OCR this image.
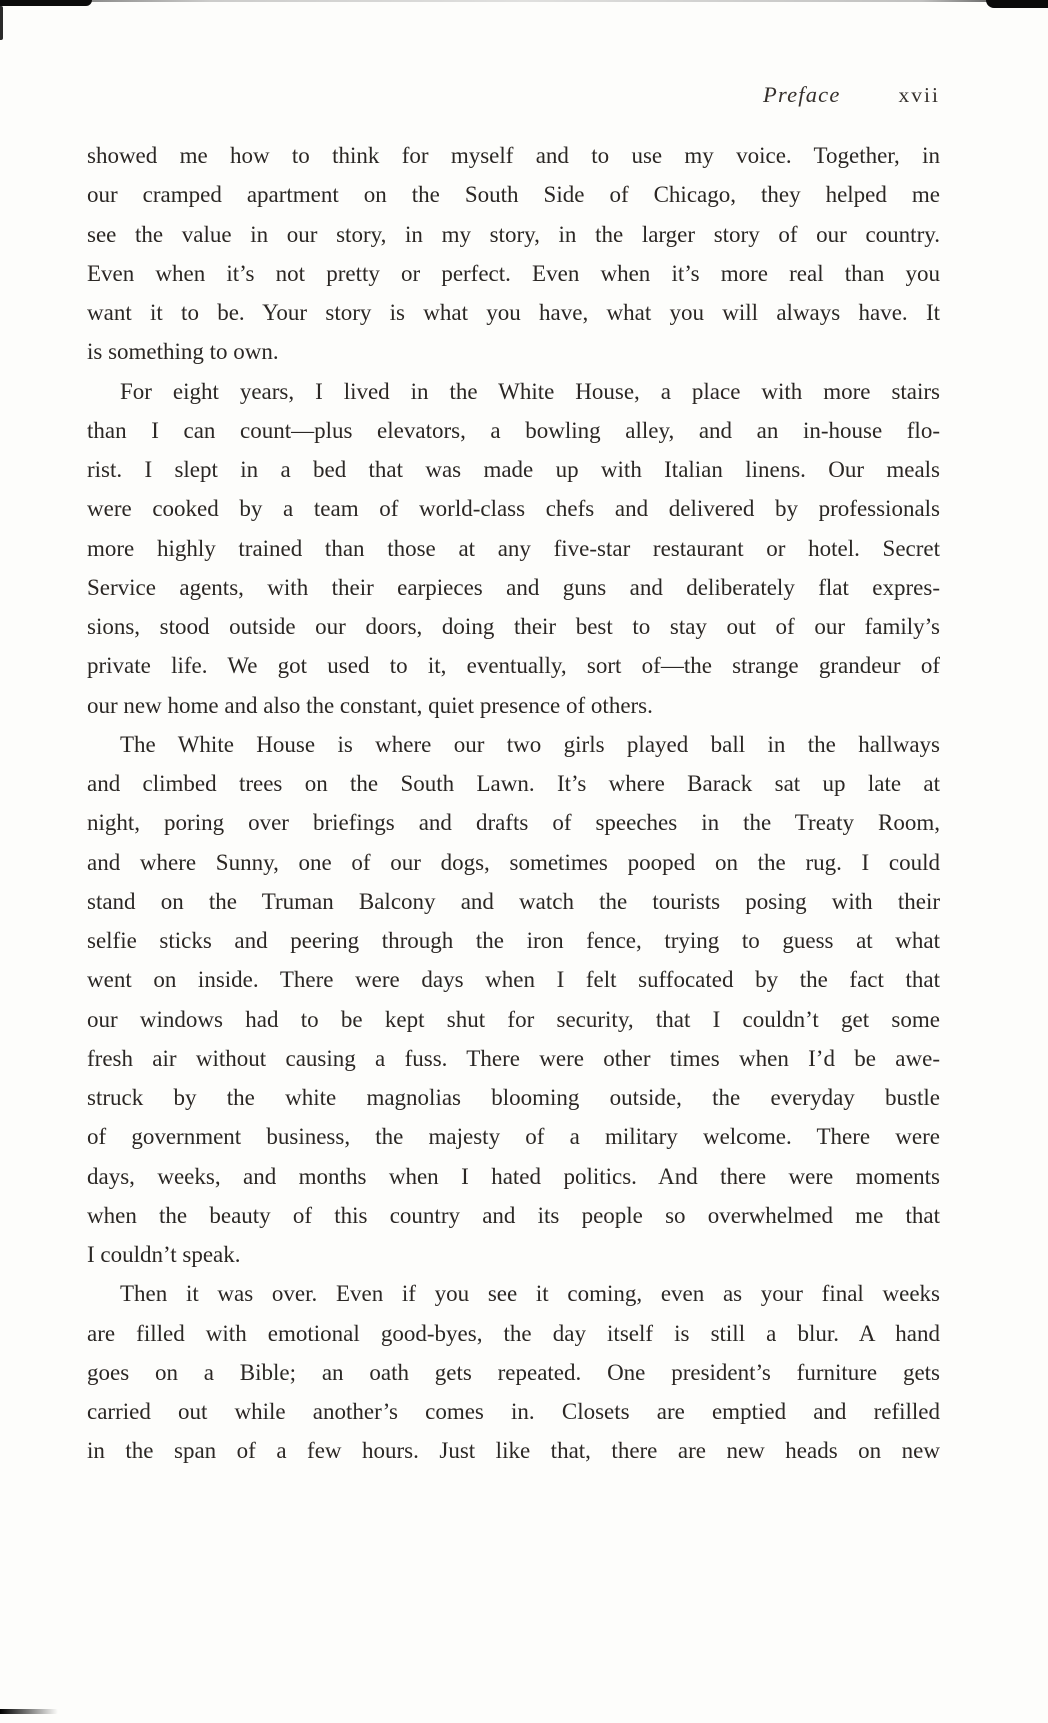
Preface	xvii
showed me how to think for myself and to use my voice. Together, in
our cramped apartment on the South Side of Chicago, they helped me
see the value in our story, in my story, in the larger story of our country.
Even when it’s not pretty or perfect. Even when it’s more real than you
want it to be. Your story is what you have, what you will always have. It
is something to own.
For eight years, I lived in the White House, a place with more stairs
than I can count—plus elevators, a bowling alley, and an in-house flo-
rist. I slept in a bed that was made up with Italian linens. Our meals
were cooked by a team of world-class chefs and delivered by professionals
more highly trained than those at any five-star restaurant or hotel. Secret
Service agents, with their earpieces and guns and deliberately flat expres-
sions, stood outside our doors, doing their best to stay out of our family’s
private life. We got used to it, eventually, sort of—the strange grandeur of
our new home and also the constant, quiet presence of others.
The White House is where our two girls played ball in the hallways
and climbed trees on the South Lawn. It’s where Barack sat up late at
night, poring over briefings and drafts of speeches in the Treaty Room,
and where Sunny, one of our dogs, sometimes pooped on the rug. I could
stand on the Truman Balcony and watch the tourists posing with their
selfie sticks and peering through the iron fence, trying to guess at what
went on inside. There were days when I felt suffocated by the fact that
our windows had to be kept shut for security, that I couldn’t get some
fresh air without causing a fuss. There were other times when I’d be awe-
struck by the white magnolias blooming outside, the everyday bustle
of government business, the majesty of a military welcome. There were
days, weeks, and months when I hated politics. And there were moments
when the beauty of this country and its people so overwhelmed me that
I couldn’t speak.
Then it was over. Even if you see it coming, even as your final weeks
are filled with emotional good-byes, the day itself is still a blur. A hand
goes on a Bible; an oath gets repeated. One president’s furniture gets
carried out while another’s comes in. Closets are emptied and refilled
in the span of a few hours. Just like that, there are new heads on new
